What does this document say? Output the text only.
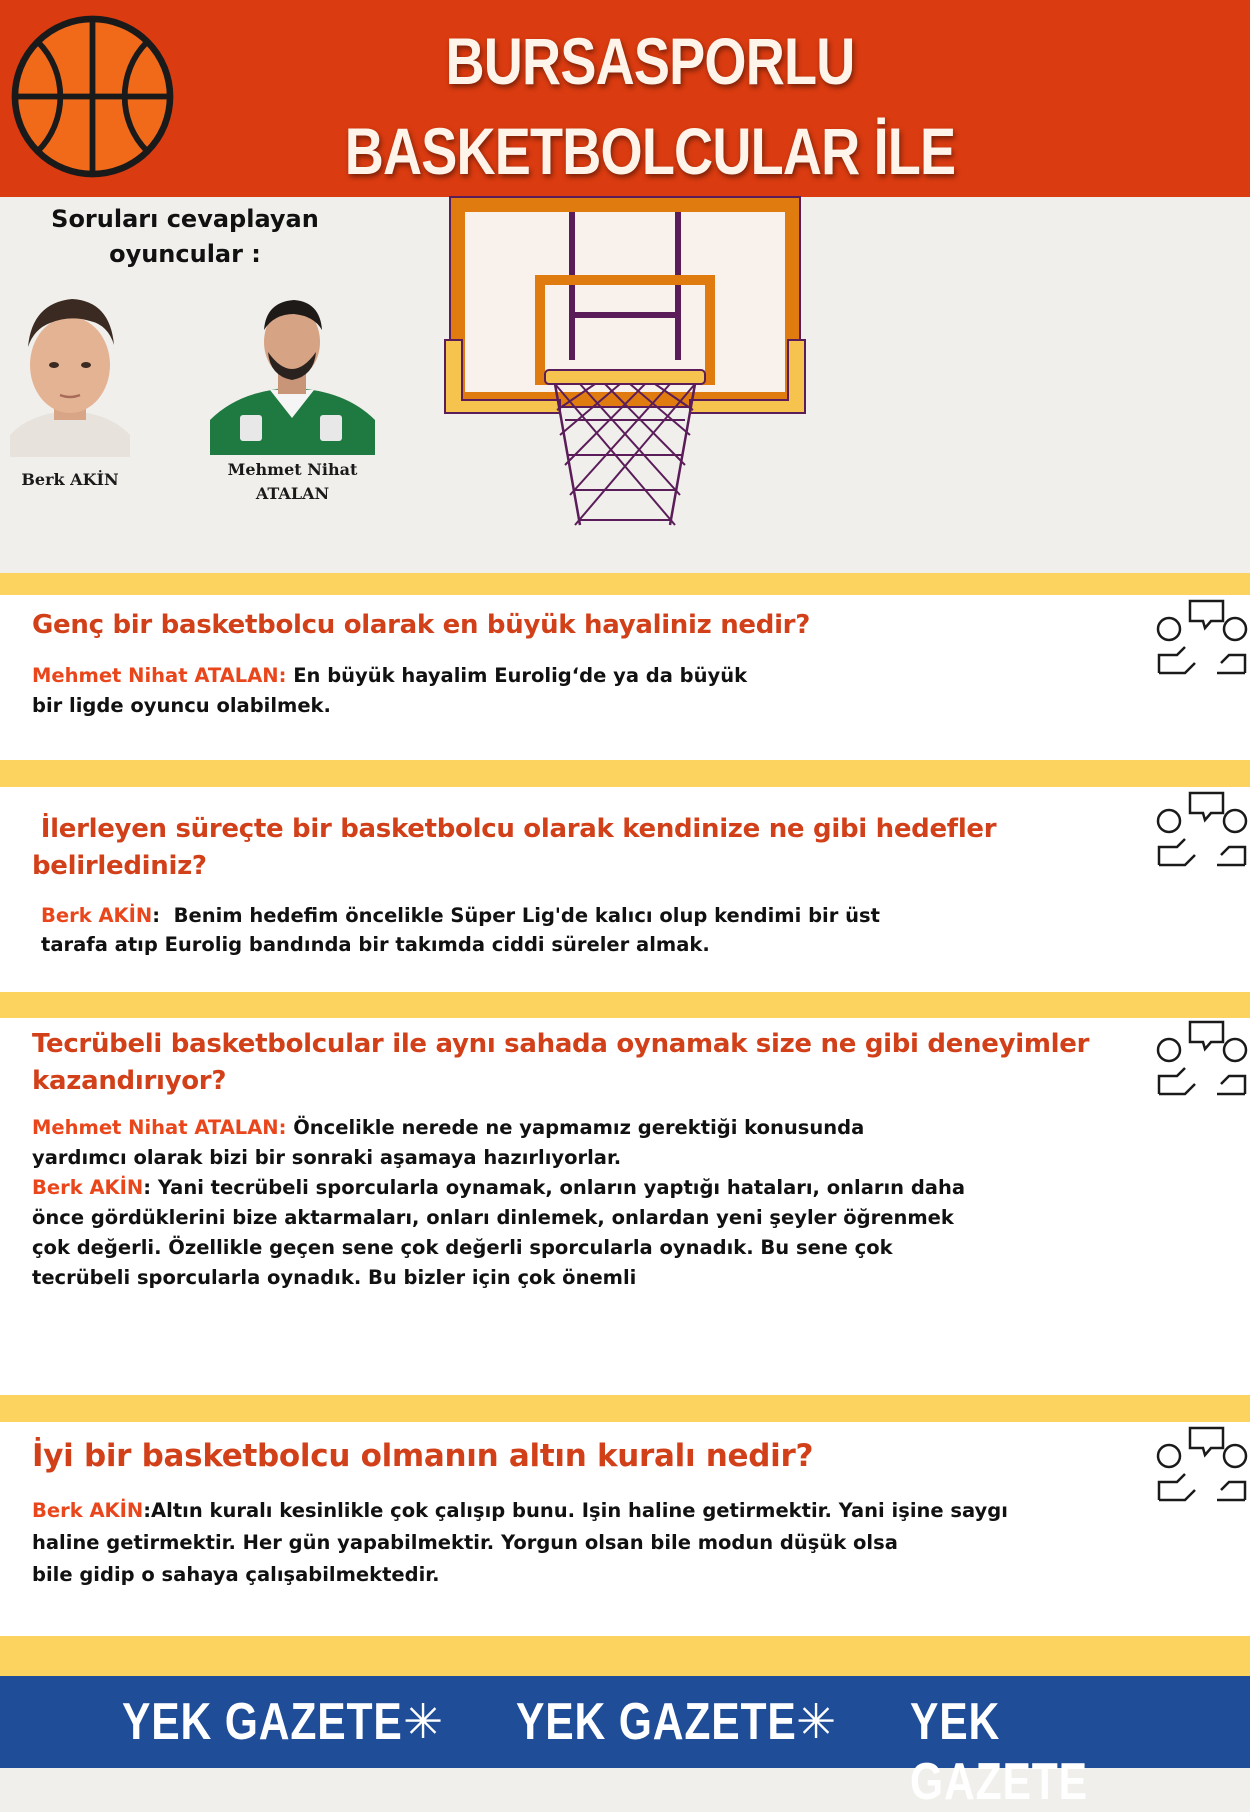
BURSASPORLU BASKETBOLCULAR İLE
Soruları cevaplayan
oyuncular :
Berk AKİN
Mehmet Nihat
ATALAN
Genç bir basketbolcu olarak en büyük hayaliniz nedir?
Mehmet Nihat ATALAN: En büyük hayalim Eurolig‘de ya da büyük
bir ligde oyuncu olabilmek.
İlerleyen süreçte bir basketbolcu olarak kendinize ne gibi hedefler
belirlediniz?
Berk AKİN:  Benim hedefim öncelikle Süper Lig'de kalıcı olup kendimi bir üst
tarafa atıp Eurolig bandında bir takımda ciddi süreler almak.
Tecrübeli basketbolcular ile aynı sahada oynamak size ne gibi deneyimler
kazandırıyor?
Mehmet Nihat ATALAN: Öncelikle nerede ne yapmamız gerektiği konusunda
yardımcı olarak bizi bir sonraki aşamaya hazırlıyorlar.
Berk AKİN: Yani tecrübeli sporcularla oynamak, onların yaptığı hataları, onların daha
önce gördüklerini bize aktarmaları, onları dinlemek, onlardan yeni şeyler öğrenmek
çok değerli. Özellikle geçen sene çok değerli sporcularla oynadık. Bu sene çok
tecrübeli sporcularla oynadık. Bu bizler için çok önemli
İyi bir basketbolcu olmanın altın kuralı nedir?
Berk AKİN:Altın kuralı kesinlikle çok çalışıp bunu. Işin haline getirmektir. Yani işine saygı
haline getirmektir. Her gün yapabilmektir. Yorgun olsan bile modun düşük olsa
bile gidip o sahaya çalışabilmektedir.
YEK GAZETE ✳ YEK GAZETE ✳ YEK GAZETE
